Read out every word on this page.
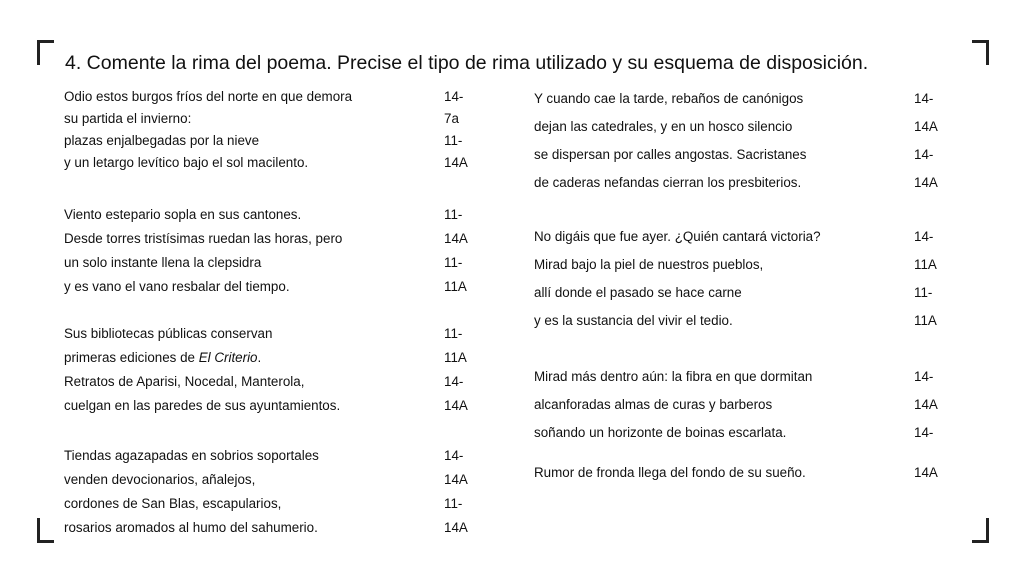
4. Comente la rima del poema. Precise el tipo de rima utilizado y su esquema de disposición.
Odio estos burgos fríos del norte en que demora	14-
su partida el invierno:	7a
plazas enjalbegadas por la nieve	11-
y un letargo levítico bajo el sol macilento.	14A
Viento estepario sopla en sus cantones.	11-
Desde torres tristísimas ruedan las horas, pero	14A
un solo instante llena la clepsidra	11-
y es vano el vano resbalar del tiempo.	11A
Sus bibliotecas públicas conservan	11-
primeras ediciones de El Criterio.	11A
Retratos de Aparisi, Nocedal, Manterola,	14-
cuelgan en las paredes de sus ayuntamientos.	14A
Tiendas agazapadas en sobrios soportales	14-
venden devocionarios, añalejos,	14A
cordones de San Blas, escapularios,	11-
rosarios aromados al humo del sahumerio.	14A
Y cuando cae la tarde, rebaños de canónigos	14-
dejan las catedrales, y en un hosco silencio	14A
se dispersan por calles angostas. Sacristanes	14-
de caderas nefandas cierran los presbiterios.	14A
No digáis que fue ayer. ¿Quién cantará victoria?	14-
Mirad bajo la piel de nuestros pueblos,	11A
allí donde el pasado se hace carne	11-
y es la sustancia del vivir el tedio.	11A
Mirad más dentro aún: la fibra en que dormitan	14-
alcanforadas almas de curas y barberos	14A
soñando un horizonte de boinas escarlata.	14-
Rumor de fronda llega del fondo de su sueño.	14A
